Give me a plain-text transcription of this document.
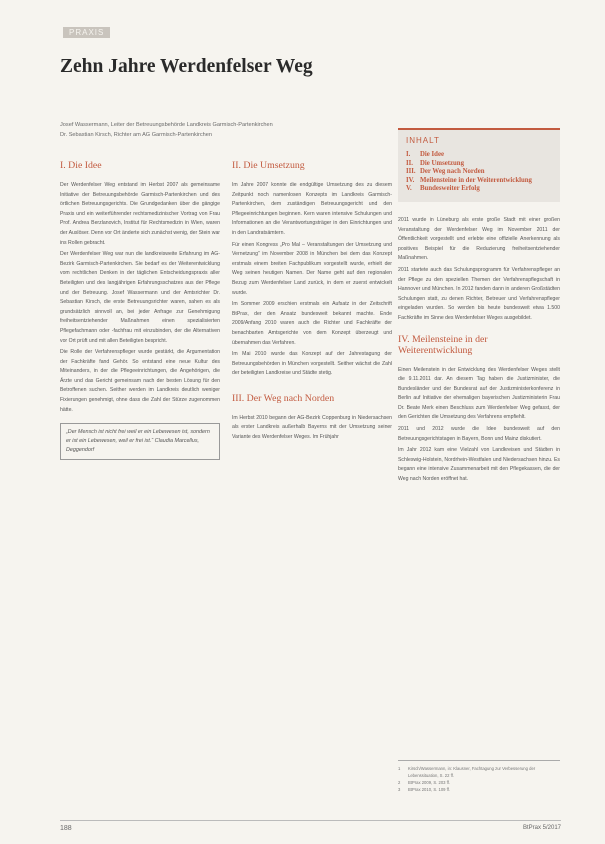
PRAXIS
Zehn Jahre Werdenfelser Weg
Josef Wassermann, Leiter der Betreuungsbehörde Landkreis Garmisch-Partenkirchen
Dr. Sebastian Kirsch, Richter am AG Garmisch-Partenkirchen
I. Die Idee

Der Werdenfelser Weg entstand im Herbst 2007 als gemeinsame Initiative der Betreuungsbehörde Garmisch-Partenkirchen und des örtlichen Betreuungsgerichts. Die Grundgedanken über die gängige Praxis und ein weiterführender rechtsmedizinischer Vortrag von Frau Prof. Andrea Berzlanovich, Institut für Rechtsmedizin in Wien, waren der Auslöser. Denn vor Ort änderte sich zunächst wenig, der Stein war ins Rollen gebracht.

Der Werdenfelser Weg war nun die landkreisweite Erfahrung im AG-Bezirk Garmisch-Partenkirchen. Sie bedarf es der Weiterentwicklung vom rechtlichen Denken in der täglichen Entscheidungspraxis aller Beteiligten und des langjährigen Erfahrungsschatzes aus der Pflege und der Betreuung. Josef Wassermann und der Amtsrichter Dr. Sebastian Kirsch, die erste Betreuungsrichter waren, sahen es als grundsätzlich sinnvoll an, bei jeder Anfrage zur Genehmigung freiheitsentziehender Maßnahmen einen spezialisierten Pflegefachmann oder -fachfrau mit einzubinden, der die Alternativen vor Ort prüft und mit allen Beteiligten bespricht.

Die Rolle der Verfahrenspfleger wurde gestärkt, die Argumentation der Fachkräfte fand Gehör. So entstand eine neue Kultur des Miteinanders, in der die Pflegeeinrichtungen, die Angehörigen, die Ärzte und das Gericht gemeinsam nach der besten Lösung für den Betroffenen suchen. Seither werden im Landkreis deutlich weniger Fixierungen genehmigt, ohne dass die Zahl der Stürze zugenommen hätte.

„Der Mensch ist nicht frei weil er ein Lebewesen ist, sondern er ist ein Lebewesen, weil er frei ist.“ Claudia Marcellus, Deggendorf
II. Die Umsetzung

Im Jahre 2007 konnte die endgültige Umsetzung des zu diesem Zeitpunkt noch namenlosen Konzepts im Landkreis Garmisch-Partenkirchen, dem zuständigen Betreuungsgericht und den Pflegeeinrichtungen beginnen. Kern waren intensive Schulungen und Informationen an die Verantwortungsträger in den Einrichtungen und in den Landratsämtern.

Für einen Kongress „Pro Mal – Veranstaltungen der Umsetzung und Vernetzung“ im November 2008 in München bei dem das Konzept erstmals einem breiten Fachpublikum vorgestellt wurde, erhielt der Weg seinen heutigen Namen. Der Name geht auf den regionalen Bezug zum Werdenfelser Land zurück, in dem er zuerst entwickelt wurde.

Im Sommer 2009 erschien erstmals ein Aufsatz in der Zeitschrift BtPrax, der den Ansatz bundesweit bekannt machte. Ende 2009/Anfang 2010 waren auch die Richter und Fachkräfte der benachbarten Amtsgerichte von dem Konzept überzeugt und übernahmen das Verfahren.

Im Mai 2010 wurde das Konzept auf der Jahrestagung der Betreuungsbehörden in München vorgestellt. Seither wächst die Zahl der beteiligten Landkreise und Städte stetig.

III. Der Weg nach Norden

Im Herbst 2010 begann der AG-Bezirk Coppenburg in Niedersachsen als erster Landkreis außerhalb Bayerns mit der Umsetzung seiner Variante des Werdenfelser Weges. Im Frühjahr

INHALT
I.	Die Idee
II.	Die Umsetzung
III. Der Weg nach Norden
IV. Meilensteine in der Weiterentwicklung
V.	Bundesweiter Erfolg

2011 wurde in Lüneburg als erste große Stadt mit einer großen Veranstaltung der Werdenfelser Weg im November 2011 der Öffentlichkeit vorgestellt und erlebte eine offizielle Anerkennung als positives Beispiel für die Reduzierung freiheitsentziehender Maßnahmen.

2011 startete auch das Schulungsprogramm für Verfahrenspfleger an der Pflege zu den speziellen Themen der Verfahrenspflegschaft in Hannover und München. In 2012 fanden dann in anderen Großstädten Schulungen statt, zu denen Richter, Betreuer und Verfahrenspfleger eingeladen wurden. So werden bis heute bundesweit etwa 1.500 Fachkräfte im Sinne des Werdenfelser Weges ausgebildet.

IV. Meilensteine in der Weiterentwicklung

Einen Meilenstein in der Entwicklung des Werdenfelser Weges stellt die 9.11.2011 dar. An diesem Tag haben die Justizminister, die Bundesländer und der Bundesrat auf der Justizministerkonferenz in Berlin auf Initiative der ehemaligen bayerischen Justizministerin Frau Dr. Beate Merk einen Beschluss zum Werdenfelser Weg gefasst, der den Gerichten die Umsetzung des Verfahrens empfiehlt.

2011 und 2012 wurde die Idee bundesweit auf den Betreuungsgerichtstagen in Bayern, Bonn und Mainz diskutiert.

Im Jahr 2012 kam eine Vielzahl von Landkreisen und Städten in Schleswig-Holstein, Nordrhein-Westfalen und Niedersachsen hinzu. Es begann eine intensive Zusammenarbeit mit den Pflegekassen, die der Weg nach Norden eröffnet hat.

1	Kirsch/Wassermann, in: Klausner, Fachtagung zur Verbesserung der Lebenssituation, S. 22 ff.
2	BtPrax 2009, S. 203 ff.
3	BtPrax 2010, S. 109 ff.
188	BtPrax 5/2017
